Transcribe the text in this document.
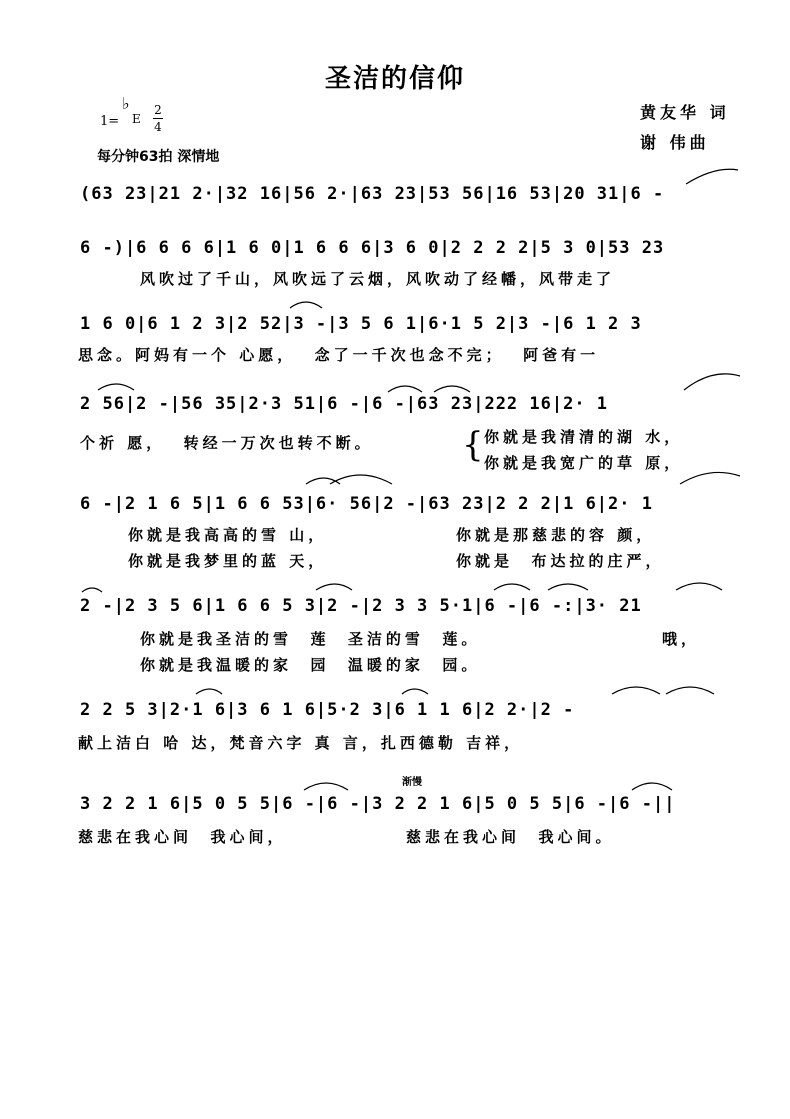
圣洁的信仰
1=
♭
E
2
4
每分钟63拍 深情地
黄友华 词
谢 伟曲
(63 23|21 2·|32 16|56 2·|63 23|53 56|16 53|20 31|6 -
6 -)|6 6 6 6|1 6 0|1 6 6 6|3 6 0|2 2 2 2|5 3 0|53 23
风吹过了千山，风吹远了云烟，风吹动了经幡，风带走了
1 6 0|6 1 2 3|2 52|3 -|3 5 6 1|6·1 5 2|3 -|6 1 2 3
思念。阿妈有一个 心愿，  念了一千次也念不完；  阿爸有一
2 56|2 -|56 35|2·3 51|6 -|6 -|63 23|222 16|2· 1
个祈 愿，  转经一万次也转不断。	{ 你就是我清清的湖 水，
你就是我宽广的草 原，
6 -|2 1 6 5|1 6 6 53|6· 56|2 -|63 23|2 2 2|1 6|2· 1
你就是我高高的雪 山，	你就是那慈悲的容 颜，
你就是我梦里的蓝 天，	你就是  布达拉的庄严，
2 -|2 3 5 6|1 6 6 5 3|2 -|2 3 3 5·1|6 -|6 -:|3· 21
你就是我圣洁的雪  莲  圣洁的雪  莲。	哦，
你就是我温暖的家  园  温暖的家  园。
2 2 5 3|2·1 6|3 6 1 6|5·2 3|6 1 1 6|2 2·|2 -
献上洁白 哈 达，梵音六字 真 言，扎西德勒 吉祥，
渐慢
3 2 2 1 6|5 0 5 5|6 -|6 -|3 2 2 1 6|5 0 5 5|6 -|6 -||
慈悲在我心间  我心间，	慈悲在我心间  我心间。
